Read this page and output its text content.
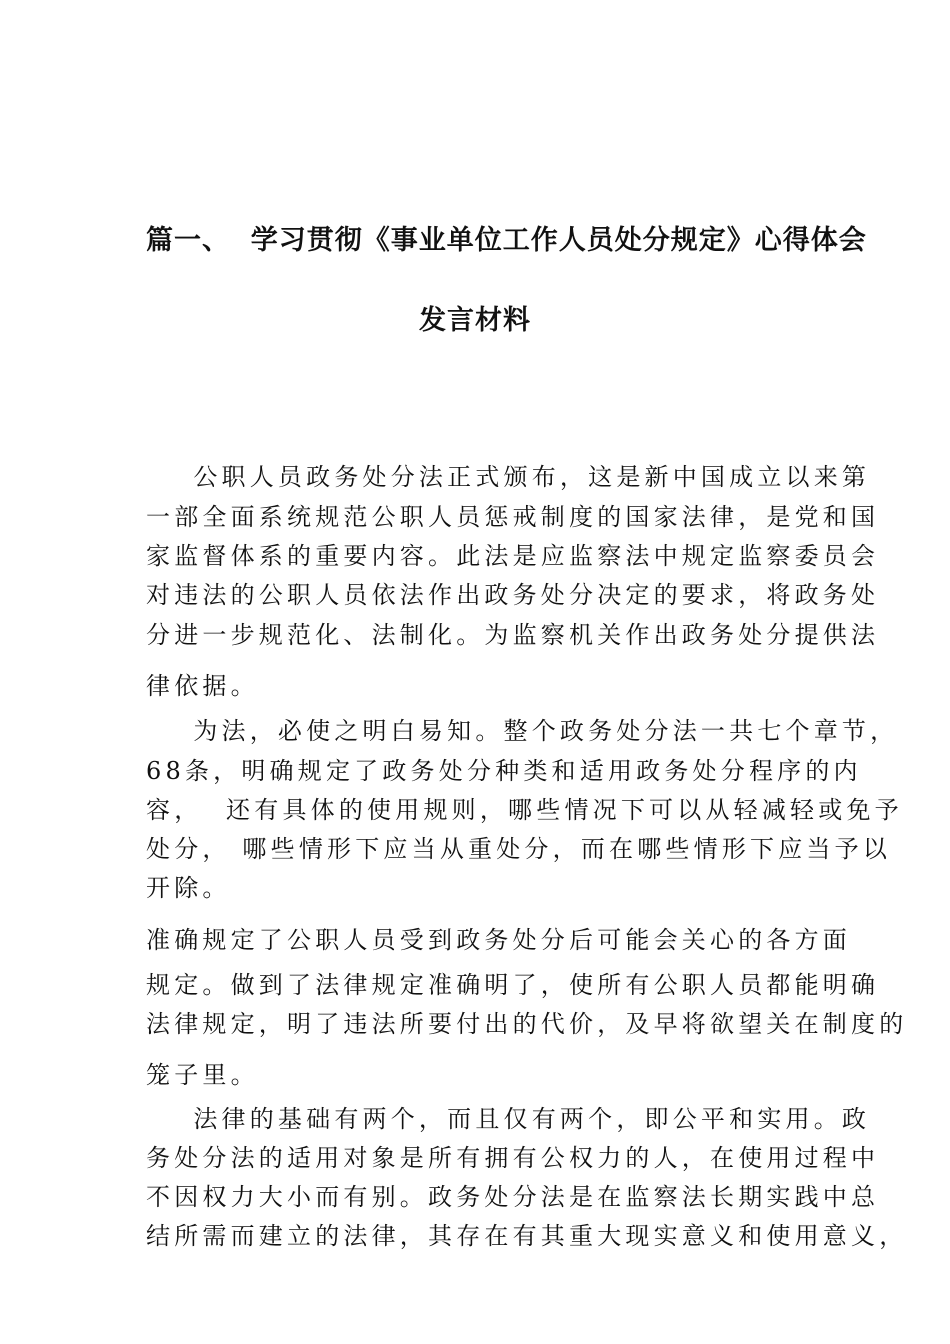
篇一、  学习贯彻《事业单位工作人员处分规定》心得体会
发言材料
公职人员政务处分法正式颁布，这是新中国成立以来第
一部全面系统规范公职人员惩戒制度的国家法律，是党和国
家监督体系的重要内容。此法是应监察法中规定监察委员会
对违法的公职人员依法作出政务处分决定的要求，将政务处
分进一步规范化、法制化。为监察机关作出政务处分提供法
律依据。
为法，必使之明白易知。整个政务处分法一共七个章节，
68条，明确规定了政务处分种类和适用政务处分程序的内
容，  还有具体的使用规则，哪些情况下可以从轻减轻或免予
处分， 哪些情形下应当从重处分，而在哪些情形下应当予以
开除。
准确规定了公职人员受到政务处分后可能会关心的各方面
规定。做到了法律规定准确明了，使所有公职人员都能明确
法律规定，明了违法所要付出的代价，及早将欲望关在制度的
笼子里。
法律的基础有两个，而且仅有两个，即公平和实用。政
务处分法的适用对象是所有拥有公权力的人，在使用过程中
不因权力大小而有别。政务处分法是在监察法长期实践中总
结所需而建立的法律，其存在有其重大现实意义和使用意义，
